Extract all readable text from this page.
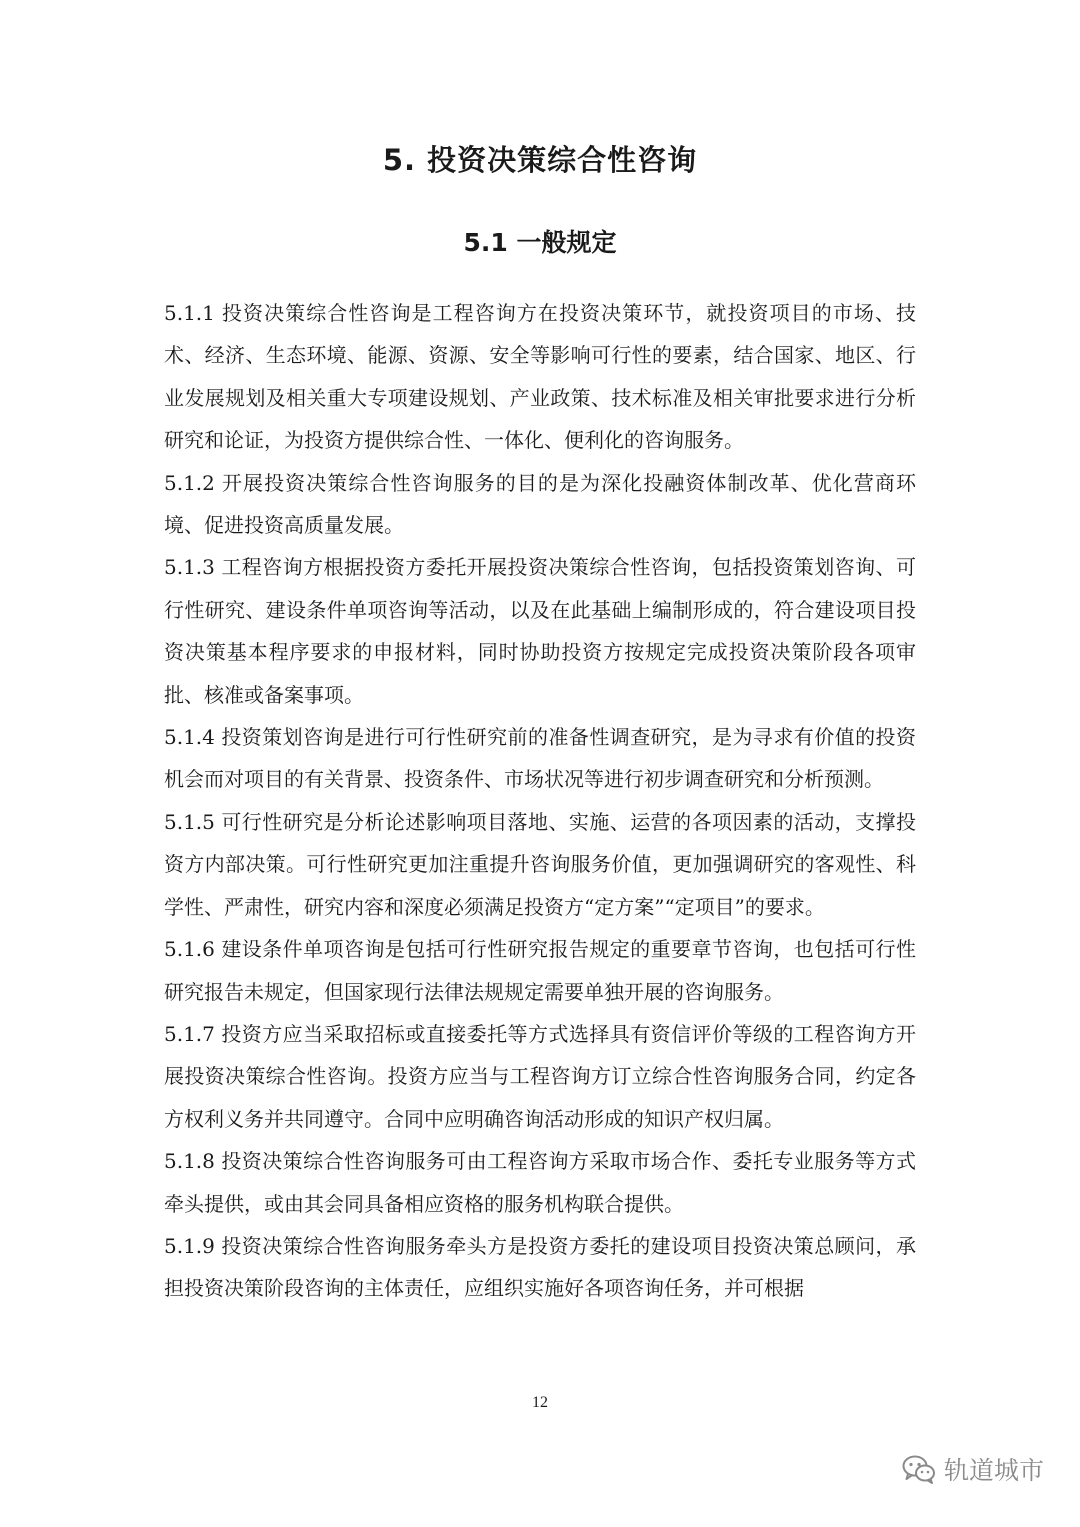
5. 投资决策综合性咨询
5.1 一般规定

5.1.1 投资决策综合性咨询是工程咨询方在投资决策环节，就投资项目的市场、技术、经济、生态环境、能源、资源、安全等影响可行性的要素，结合国家、地区、行业发展规划及相关重大专项建设规划、产业政策、技术标准及相关审批要求进行分析研究和论证，为投资方提供综合性、一体化、便利化的咨询服务。

5.1.2 开展投资决策综合性咨询服务的目的是为深化投融资体制改革、优化营商环境、促进投资高质量发展。

5.1.3 工程咨询方根据投资方委托开展投资决策综合性咨询，包括投资策划咨询、可行性研究、建设条件单项咨询等活动，以及在此基础上编制形成的，符合建设项目投资决策基本程序要求的申报材料，同时协助投资方按规定完成投资决策阶段各项审批、核准或备案事项。

5.1.4 投资策划咨询是进行可行性研究前的准备性调查研究，是为寻求有价值的投资机会而对项目的有关背景、投资条件、市场状况等进行初步调查研究和分析预测。

5.1.5 可行性研究是分析论述影响项目落地、实施、运营的各项因素的活动，支撑投资方内部决策。可行性研究更加注重提升咨询服务价值，更加强调研究的客观性、科学性、严肃性，研究内容和深度必须满足投资方“定方案”“定项目”的要求。

5.1.6 建设条件单项咨询是包括可行性研究报告规定的重要章节咨询，也包括可行性研究报告未规定，但国家现行法律法规规定需要单独开展的咨询服务。

5.1.7 投资方应当采取招标或直接委托等方式选择具有资信评价等级的工程咨询方开展投资决策综合性咨询。投资方应当与工程咨询方订立综合性咨询服务合同，约定各方权利义务并共同遵守。合同中应明确咨询活动形成的知识产权归属。

5.1.8 投资决策综合性咨询服务可由工程咨询方采取市场合作、委托专业服务等方式牵头提供，或由其会同具备相应资格的服务机构联合提供。

5.1.9 投资决策综合性咨询服务牵头方是投资方委托的建设项目投资决策总顾问，承担投资决策阶段咨询的主体责任，应组织实施好各项咨询任务，并可根据

12
轨道城市
